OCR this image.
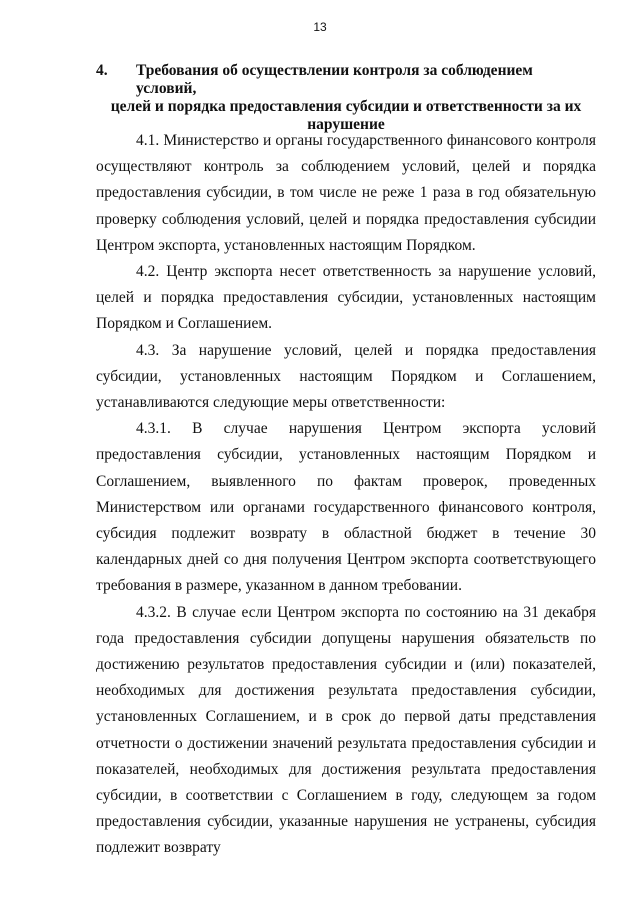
13
4.	Требования об осуществлении контроля за соблюдением условий,
целей и порядка предоставления субсидии и ответственности за их
нарушение

4.1. Министерство и органы государственного финансового контроля осуществляют контроль за соблюдением условий, целей и порядка предоставления субсидии, в том числе не реже 1 раза в год обязательную проверку соблюдения условий, целей и порядка предоставления субсидии Центром экспорта, установленных настоящим Порядком.

4.2. Центр экспорта несет ответственность за нарушение условий, целей и порядка предоставления субсидии, установленных настоящим Порядком и Соглашением.

4.3. За нарушение условий, целей и порядка предоставления субсидии, установленных настоящим Порядком и Соглашением, устанавливаются следующие меры ответственности:

4.3.1. В случае нарушения Центром экспорта условий предоставления субсидии, установленных настоящим Порядком и Соглашением, выявленного по фактам проверок, проведенных Министерством или органами государственного финансового контроля, субсидия подлежит возврату в областной бюджет в течение 30 календарных дней со дня получения Центром экспорта соответствующего требования в размере, указанном в данном требовании.

4.3.2. В случае если Центром экспорта по состоянию на 31 декабря года предоставления субсидии допущены нарушения обязательств по достижению результатов предоставления субсидии и (или) показателей, необходимых для достижения результата предоставления субсидии, установленных Соглашением, и в срок до первой даты представления отчетности о достижении значений результата предоставления субсидии и показателей, необходимых для достижения результата предоставления субсидии, в соответствии с Соглашением в году, следующем за годом предоставления субсидии, указанные нарушения не устранены, субсидия подлежит возврату
